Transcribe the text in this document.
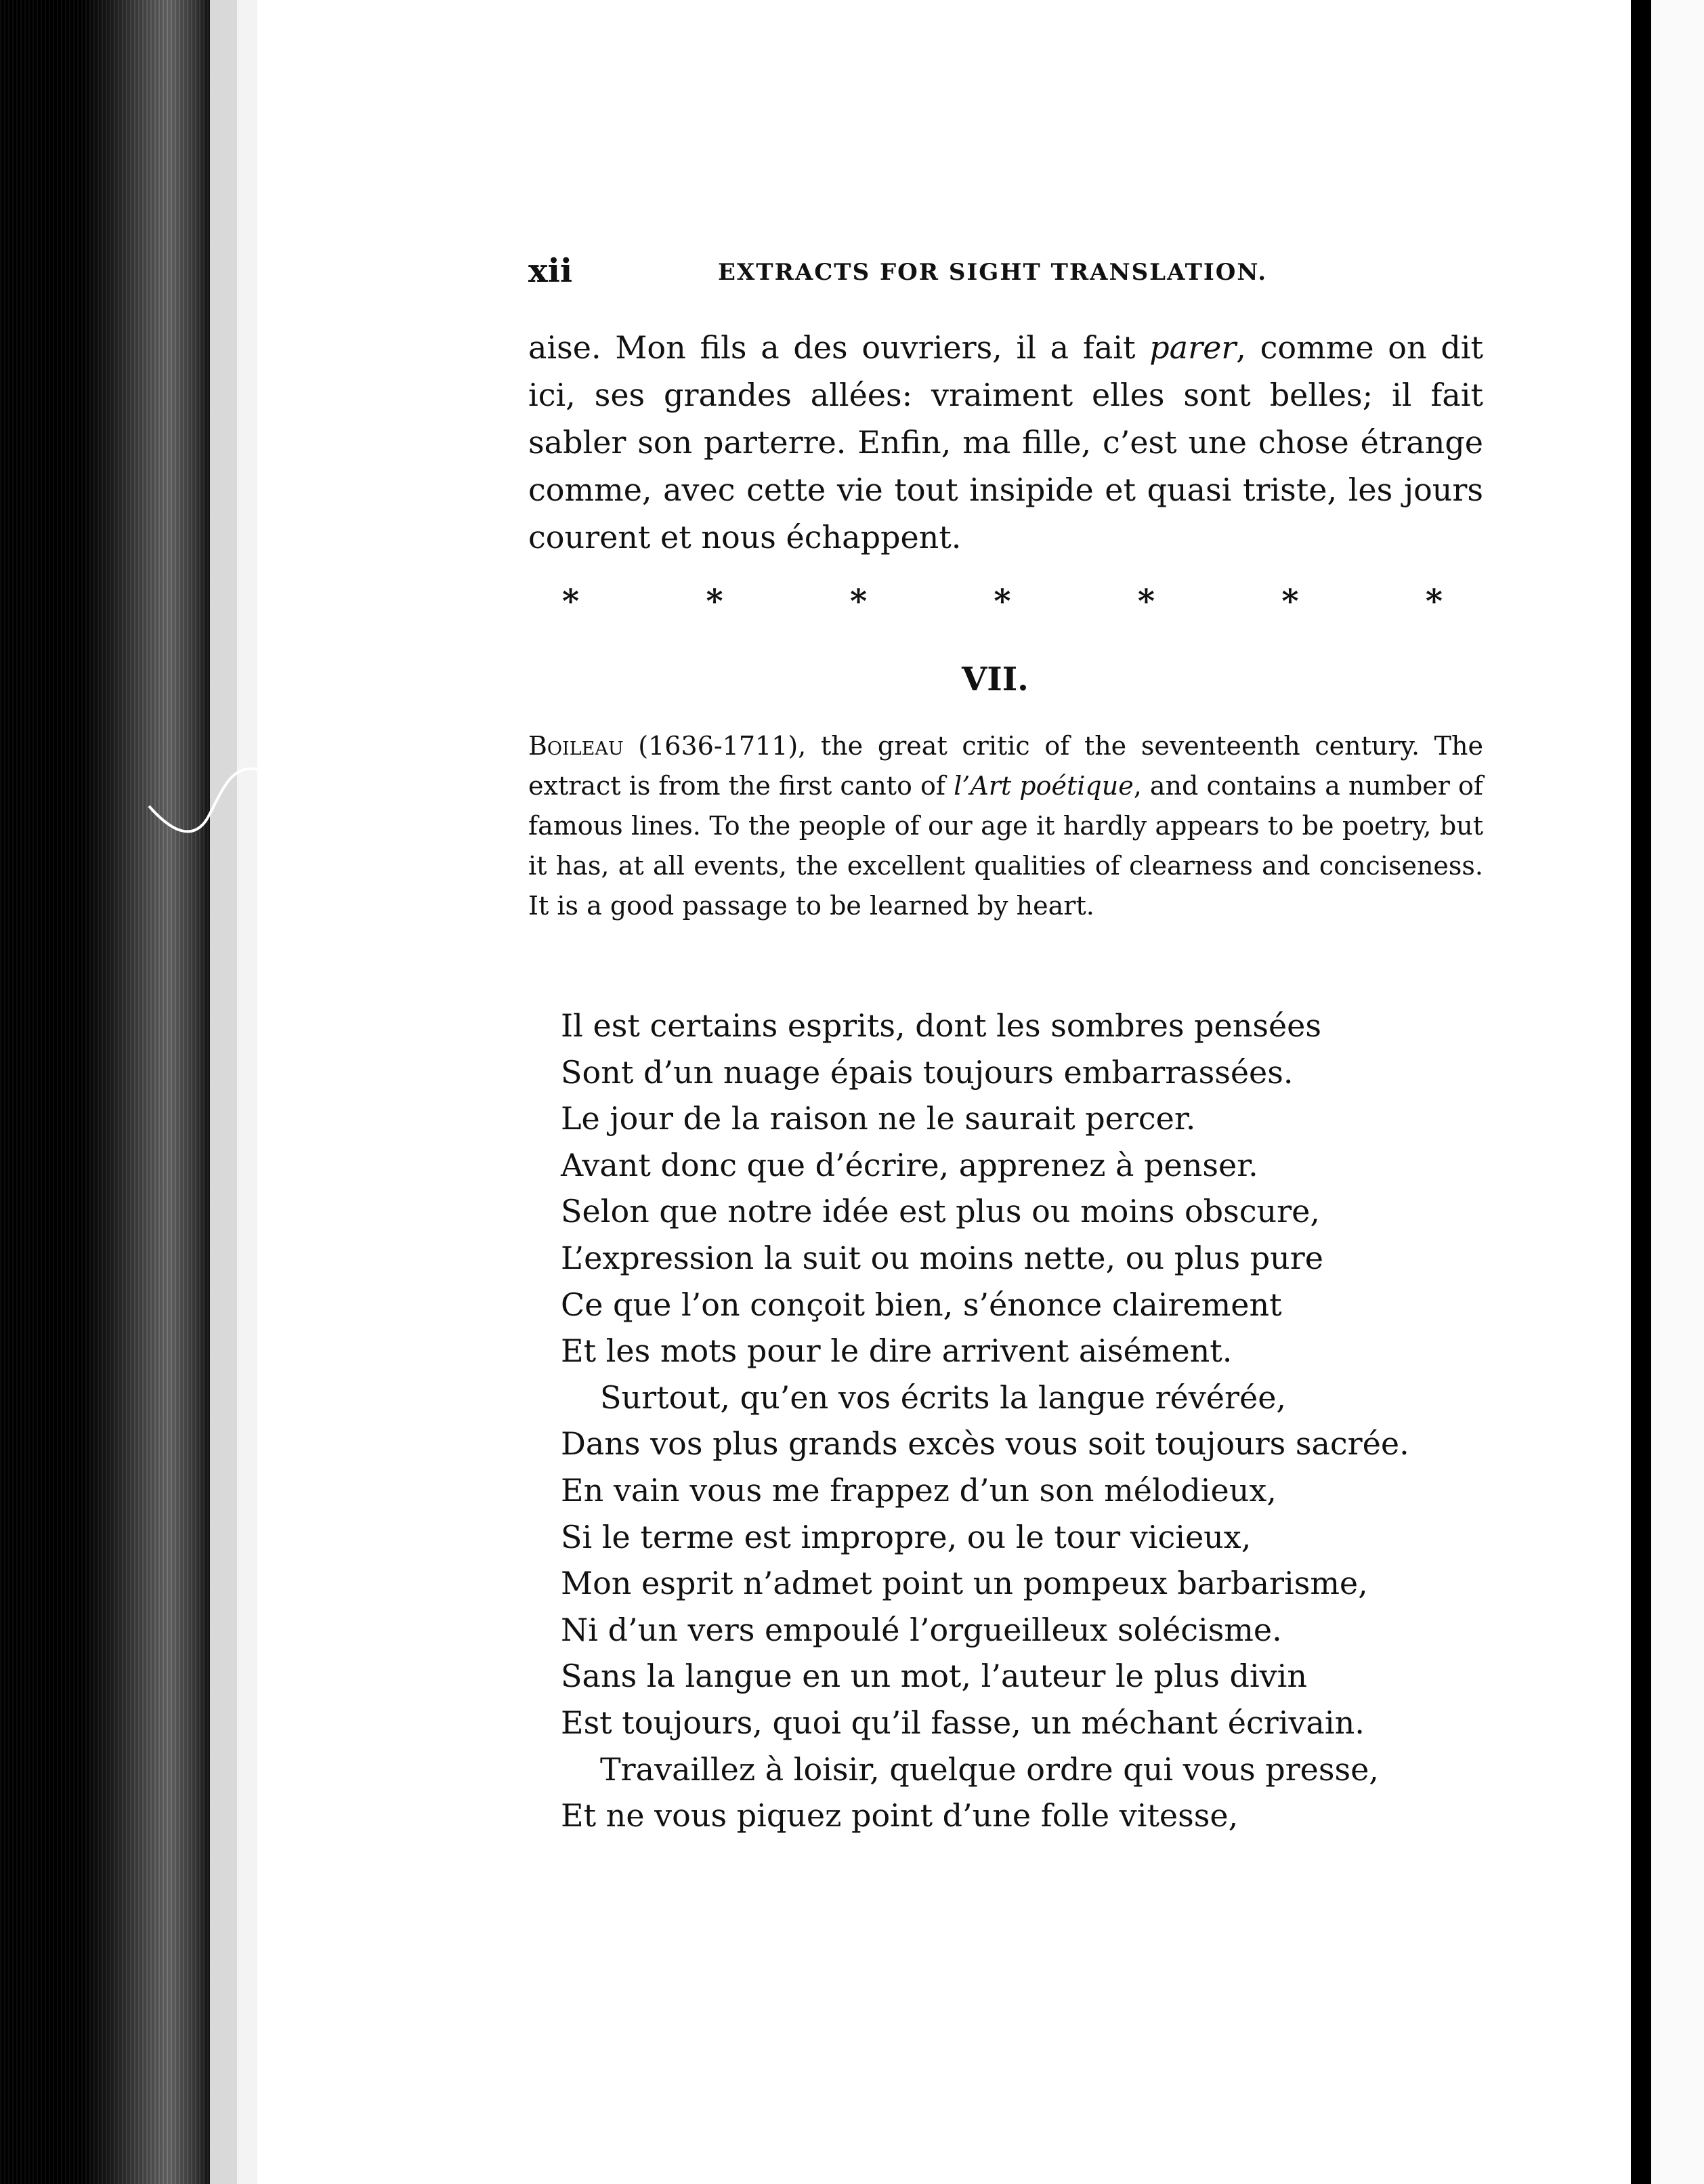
xii	EXTRACTS FOR SIGHT TRANSLATION.

aise. Mon fils a des ouvriers, il a fait parer, comme on dit ici, ses grandes allées: vraiment elles sont belles; il fait sabler son parterre. Enfin, ma fille, c’est une chose étrange comme, avec cette vie tout insipide et quasi triste, les jours courent et nous échappent.

*	*	*	*	*	*	*
VII.
Boileau (1636-1711), the great critic of the seventeenth century. The extract is from the first canto of l’Art poétique, and contains a number of famous lines. To the people of our age it hardly appears to be poetry, but it has, at all events, the excellent qualities of clearness and conciseness. It is a good passage to be learned by heart.
Il est certains esprits, dont les sombres pensées
Sont d’un nuage épais toujours embarrassées.
Le jour de la raison ne le saurait percer.
Avant donc que d’écrire, apprenez à penser.
Selon que notre idée est plus ou moins obscure,
L’expression la suit ou moins nette, ou plus pure
Ce que l’on conçoit bien, s’énonce clairement
Et les mots pour le dire arrivent aisément.
Surtout, qu’en vos écrits la langue révérée,
Dans vos plus grands excès vous soit toujours sacrée.
En vain vous me frappez d’un son mélodieux,
Si le terme est impropre, ou le tour vicieux,
Mon esprit n’admet point un pompeux barbarisme,
Ni d’un vers empoulé l’orgueilleux solécisme.
Sans la langue en un mot, l’auteur le plus divin
Est toujours, quoi qu’il fasse, un méchant écrivain.
Travaillez à loisir, quelque ordre qui vous presse,
Et ne vous piquez point d’une folle vitesse,
